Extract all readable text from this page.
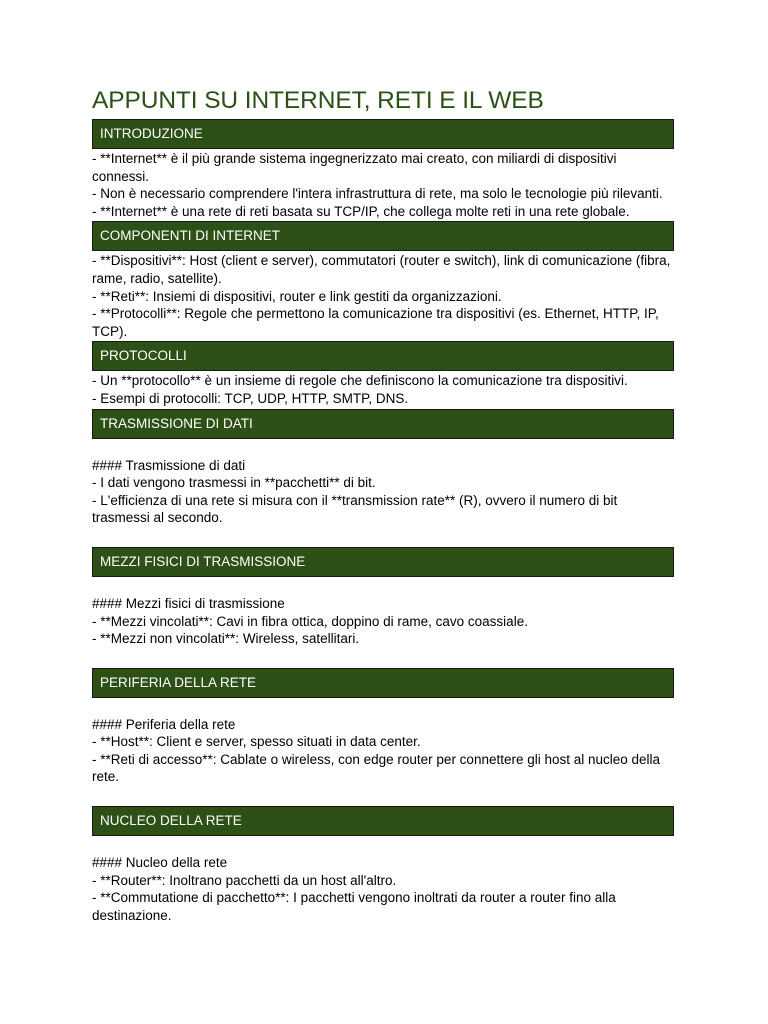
APPUNTI SU INTERNET, RETI E IL WEB
INTRODUZIONE

- **Internet** è il più grande sistema ingegnerizzato mai creato, con miliardi di dispositivi connessi.

- Non è necessario comprendere l'intera infrastruttura di rete, ma solo le tecnologie più rilevanti.

- **Internet** è una rete di reti basata su TCP/IP, che collega molte reti in una rete globale.

COMPONENTI DI INTERNET

- **Dispositivi**: Host (client e server), commutatori (router e switch), link di comunicazione (fibra, rame, radio, satellite).

- **Reti**: Insiemi di dispositivi, router e link gestiti da organizzazioni.

- **Protocolli**: Regole che permettono la comunicazione tra dispositivi (es. Ethernet, HTTP, IP, TCP).

PROTOCOLLI

- Un **protocollo** è un insieme di regole che definiscono la comunicazione tra dispositivi.

- Esempi di protocolli: TCP, UDP, HTTP, SMTP, DNS.

TRASMISSIONE DI DATI

#### Trasmissione di dati

- I dati vengono trasmessi in **pacchetti** di bit.

- L'efficienza di una rete si misura con il **transmission rate** (R), ovvero il numero di bit trasmessi al secondo.

MEZZI FISICI DI TRASMISSIONE

#### Mezzi fisici di trasmissione

- **Mezzi vincolati**: Cavi in fibra ottica, doppino di rame, cavo coassiale.

- **Mezzi non vincolati**: Wireless, satellitari.

PERIFERIA DELLA RETE

#### Periferia della rete

- **Host**: Client e server, spesso situati in data center.

- **Reti di accesso**: Cablate o wireless, con edge router per connettere gli host al nucleo della rete.

NUCLEO DELLA RETE

#### Nucleo della rete

- **Router**: Inoltrano pacchetti da un host all'altro.

- **Commutatione di pacchetto**: I pacchetti vengono inoltrati da router a router fino alla destinazione.
